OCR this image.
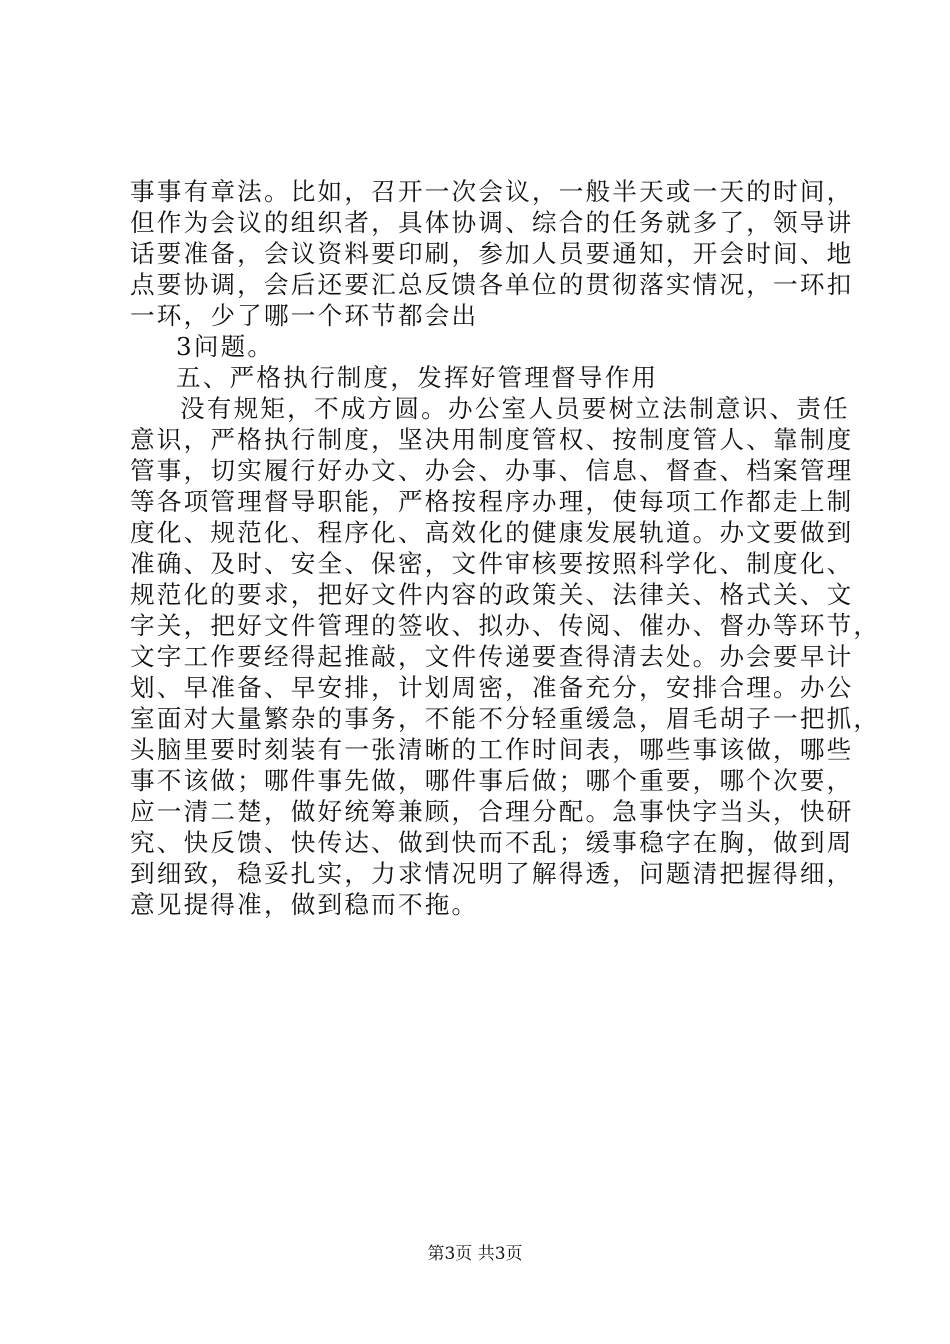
事事有章法。比如，召开一次会议，一般半天或一天的时间，
但作为会议的组织者，具体协调、综合的任务就多了，领导讲
话要准备，会议资料要印刷，参加人员要通知，开会时间、地
点要协调，会后还要汇总反馈各单位的贯彻落实情况，一环扣
一环，少了哪一个环节都会出
3问题。
五、严格执行制度，发挥好管理督导作用
没有规矩，不成方圆。办公室人员要树立法制意识、责任
意识，严格执行制度，坚决用制度管权、按制度管人、靠制度
管事，切实履行好办文、办会、办事、信息、督查、档案管理
等各项管理督导职能，严格按程序办理，使每项工作都走上制
度化、规范化、程序化、高效化的健康发展轨道。办文要做到
准确、及时、安全、保密，文件审核要按照科学化、制度化、
规范化的要求，把好文件内容的政策关、法律关、格式关、文
字关，把好文件管理的签收、拟办、传阅、催办、督办等环节，
文字工作要经得起推敲，文件传递要查得清去处。办会要早计
划、早准备、早安排，计划周密，准备充分，安排合理。办公
室面对大量繁杂的事务，不能不分轻重缓急，眉毛胡子一把抓，
头脑里要时刻装有一张清晰的工作时间表，哪些事该做，哪些
事不该做；哪件事先做，哪件事后做；哪个重要，哪个次要，
应一清二楚，做好统筹兼顾，合理分配。急事快字当头，快研
究、快反馈、快传达、做到快而不乱；缓事稳字在胸，做到周
到细致，稳妥扎实，力求情况明了解得透，问题清把握得细，
意见提得准，做到稳而不拖。
第3页 共3页
